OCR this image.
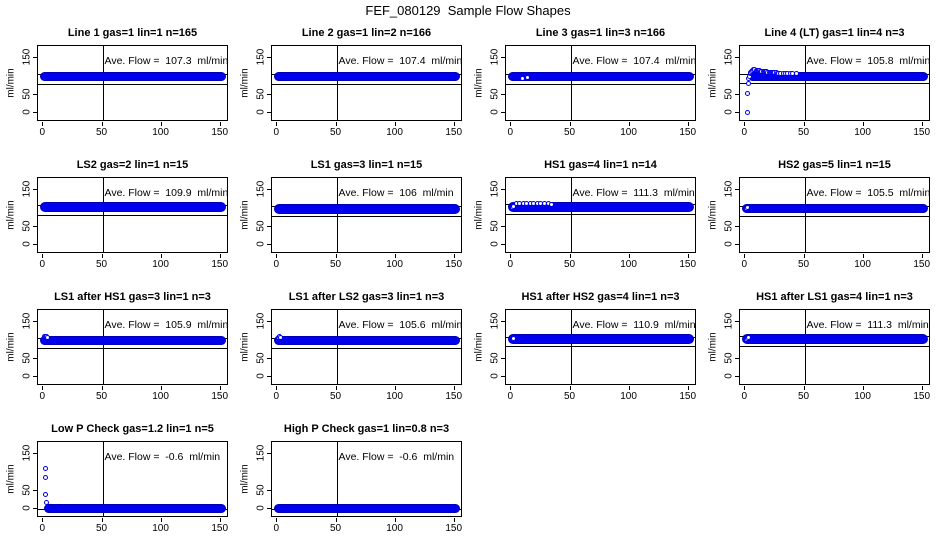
FEF_080129  Sample Flow Shapes
Line 1 gas=1 lin=1 n=165
Ave. Flow =  107.3  ml/min
0	50	100	150
0
50
150
ml/min
Line 2 gas=1 lin=2 n=166
Ave. Flow =  107.4  ml/min
0	50	100	150
0
50
150
ml/min
Line 3 gas=1 lin=3 n=166
Ave. Flow =  107.4  ml/min
0	50	100	150
0
50
150
ml/min
Line 4 (LT) gas=1 lin=4 n=3
Ave. Flow =  105.8  ml/min
0	50	100	150
0
50
150
ml/min
LS2 gas=2 lin=1 n=15
Ave. Flow =  109.9  ml/min
0	50	100	150
0
50
150
ml/min
LS1 gas=3 lin=1 n=15
Ave. Flow =  106  ml/min
0	50	100	150
0
50
150
ml/min
HS1 gas=4 lin=1 n=14
Ave. Flow =  111.3  ml/min
0	50	100	150
0
50
150
ml/min
HS2 gas=5 lin=1 n=15
Ave. Flow =  105.5  ml/min
0	50	100	150
0
50
150
ml/min
LS1 after HS1 gas=3 lin=1 n=3
Ave. Flow =  105.9  ml/min
0	50	100	150
0
50
150
ml/min
LS1 after LS2 gas=3 lin=1 n=3
Ave. Flow =  105.6  ml/min
0	50	100	150
0
50
150
ml/min
HS1 after HS2 gas=4 lin=1 n=3
Ave. Flow =  110.9  ml/min
0	50	100	150
0
50
150
ml/min
HS1 after LS1 gas=4 lin=1 n=3
Ave. Flow =  111.3  ml/min
0	50	100	150
0
50
150
ml/min
Low P Check gas=1.2 lin=1 n=5
Ave. Flow =  -0.6  ml/min
0	50	100	150
0
50
150
ml/min
High P Check gas=1 lin=0.8 n=3
Ave. Flow =  -0.6  ml/min
0	50	100	150
0
50
150
ml/min
